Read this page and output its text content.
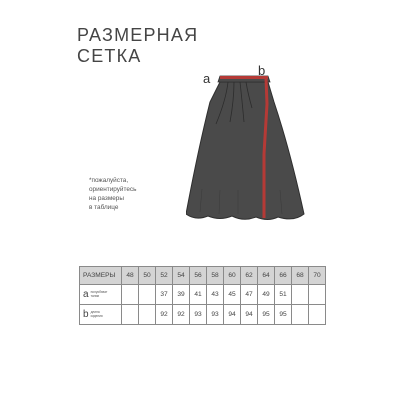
РАЗМЕРНАЯ
СЕТКА
a
b
*пожалуйста,
ориентируйтесь
на размеры
в таблице
РАЗМЕРЫ	48	50	52	54	56	58	60	62	64	66	68	70

a полуобхват
талии			37	39	41	43	45	47	49	51		

b длина
изделия			92	92	93	93	94	94	95	95		
